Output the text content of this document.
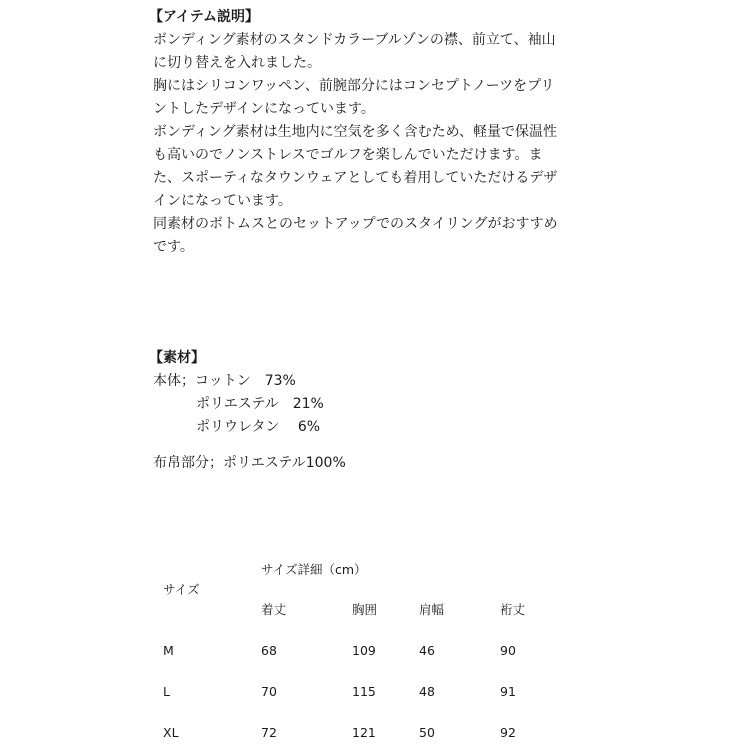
【アイテム説明】

ボンディング素材のスタンドカラーブルゾンの襟、前立て、袖山

に切り替えを入れました。

胸にはシリコンワッペン、前腕部分にはコンセプトノーツをプリ

ントしたデザインになっています。

ボンディング素材は生地内に空気を多く含むため、軽量で保温性

も高いのでノンストレスでゴルフを楽しんでいただけます。ま

た、スポーティなタウンウェアとしても着用していただけるデザ

インになっています。

同素材のボトムスとのセットアップでのスタイリングがおすすめ

です。

【素材】
本体；コットン　73%
ポリエステル　21%
ポリウレタン　 6%
布帛部分；ポリエステル100%
サイズ詳細（cm）
サイズ
着丈	胸囲	肩幅	裄丈
M	68	109	46	90
L	70	115	48	91
XL	72	121	50	92
